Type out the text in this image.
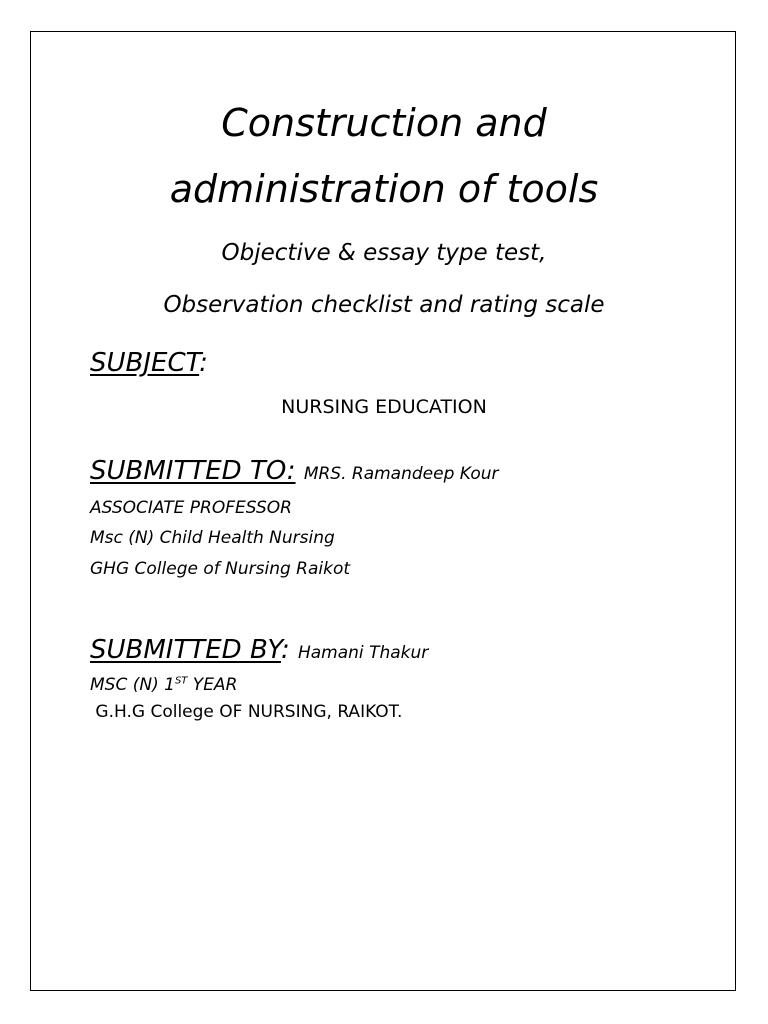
Construction and
administration of tools
Objective & essay type test,
Observation checklist and rating scale
SUBJECT:
NURSING EDUCATION
SUBMITTED TO: MRS. Ramandeep Kour
ASSOCIATE PROFESSOR
Msc (N) Child Health Nursing
GHG College of Nursing Raikot
SUBMITTED BY: Hamani Thakur
MSC (N) 1ST YEAR
G.H.G College OF NURSING, RAIKOT.
